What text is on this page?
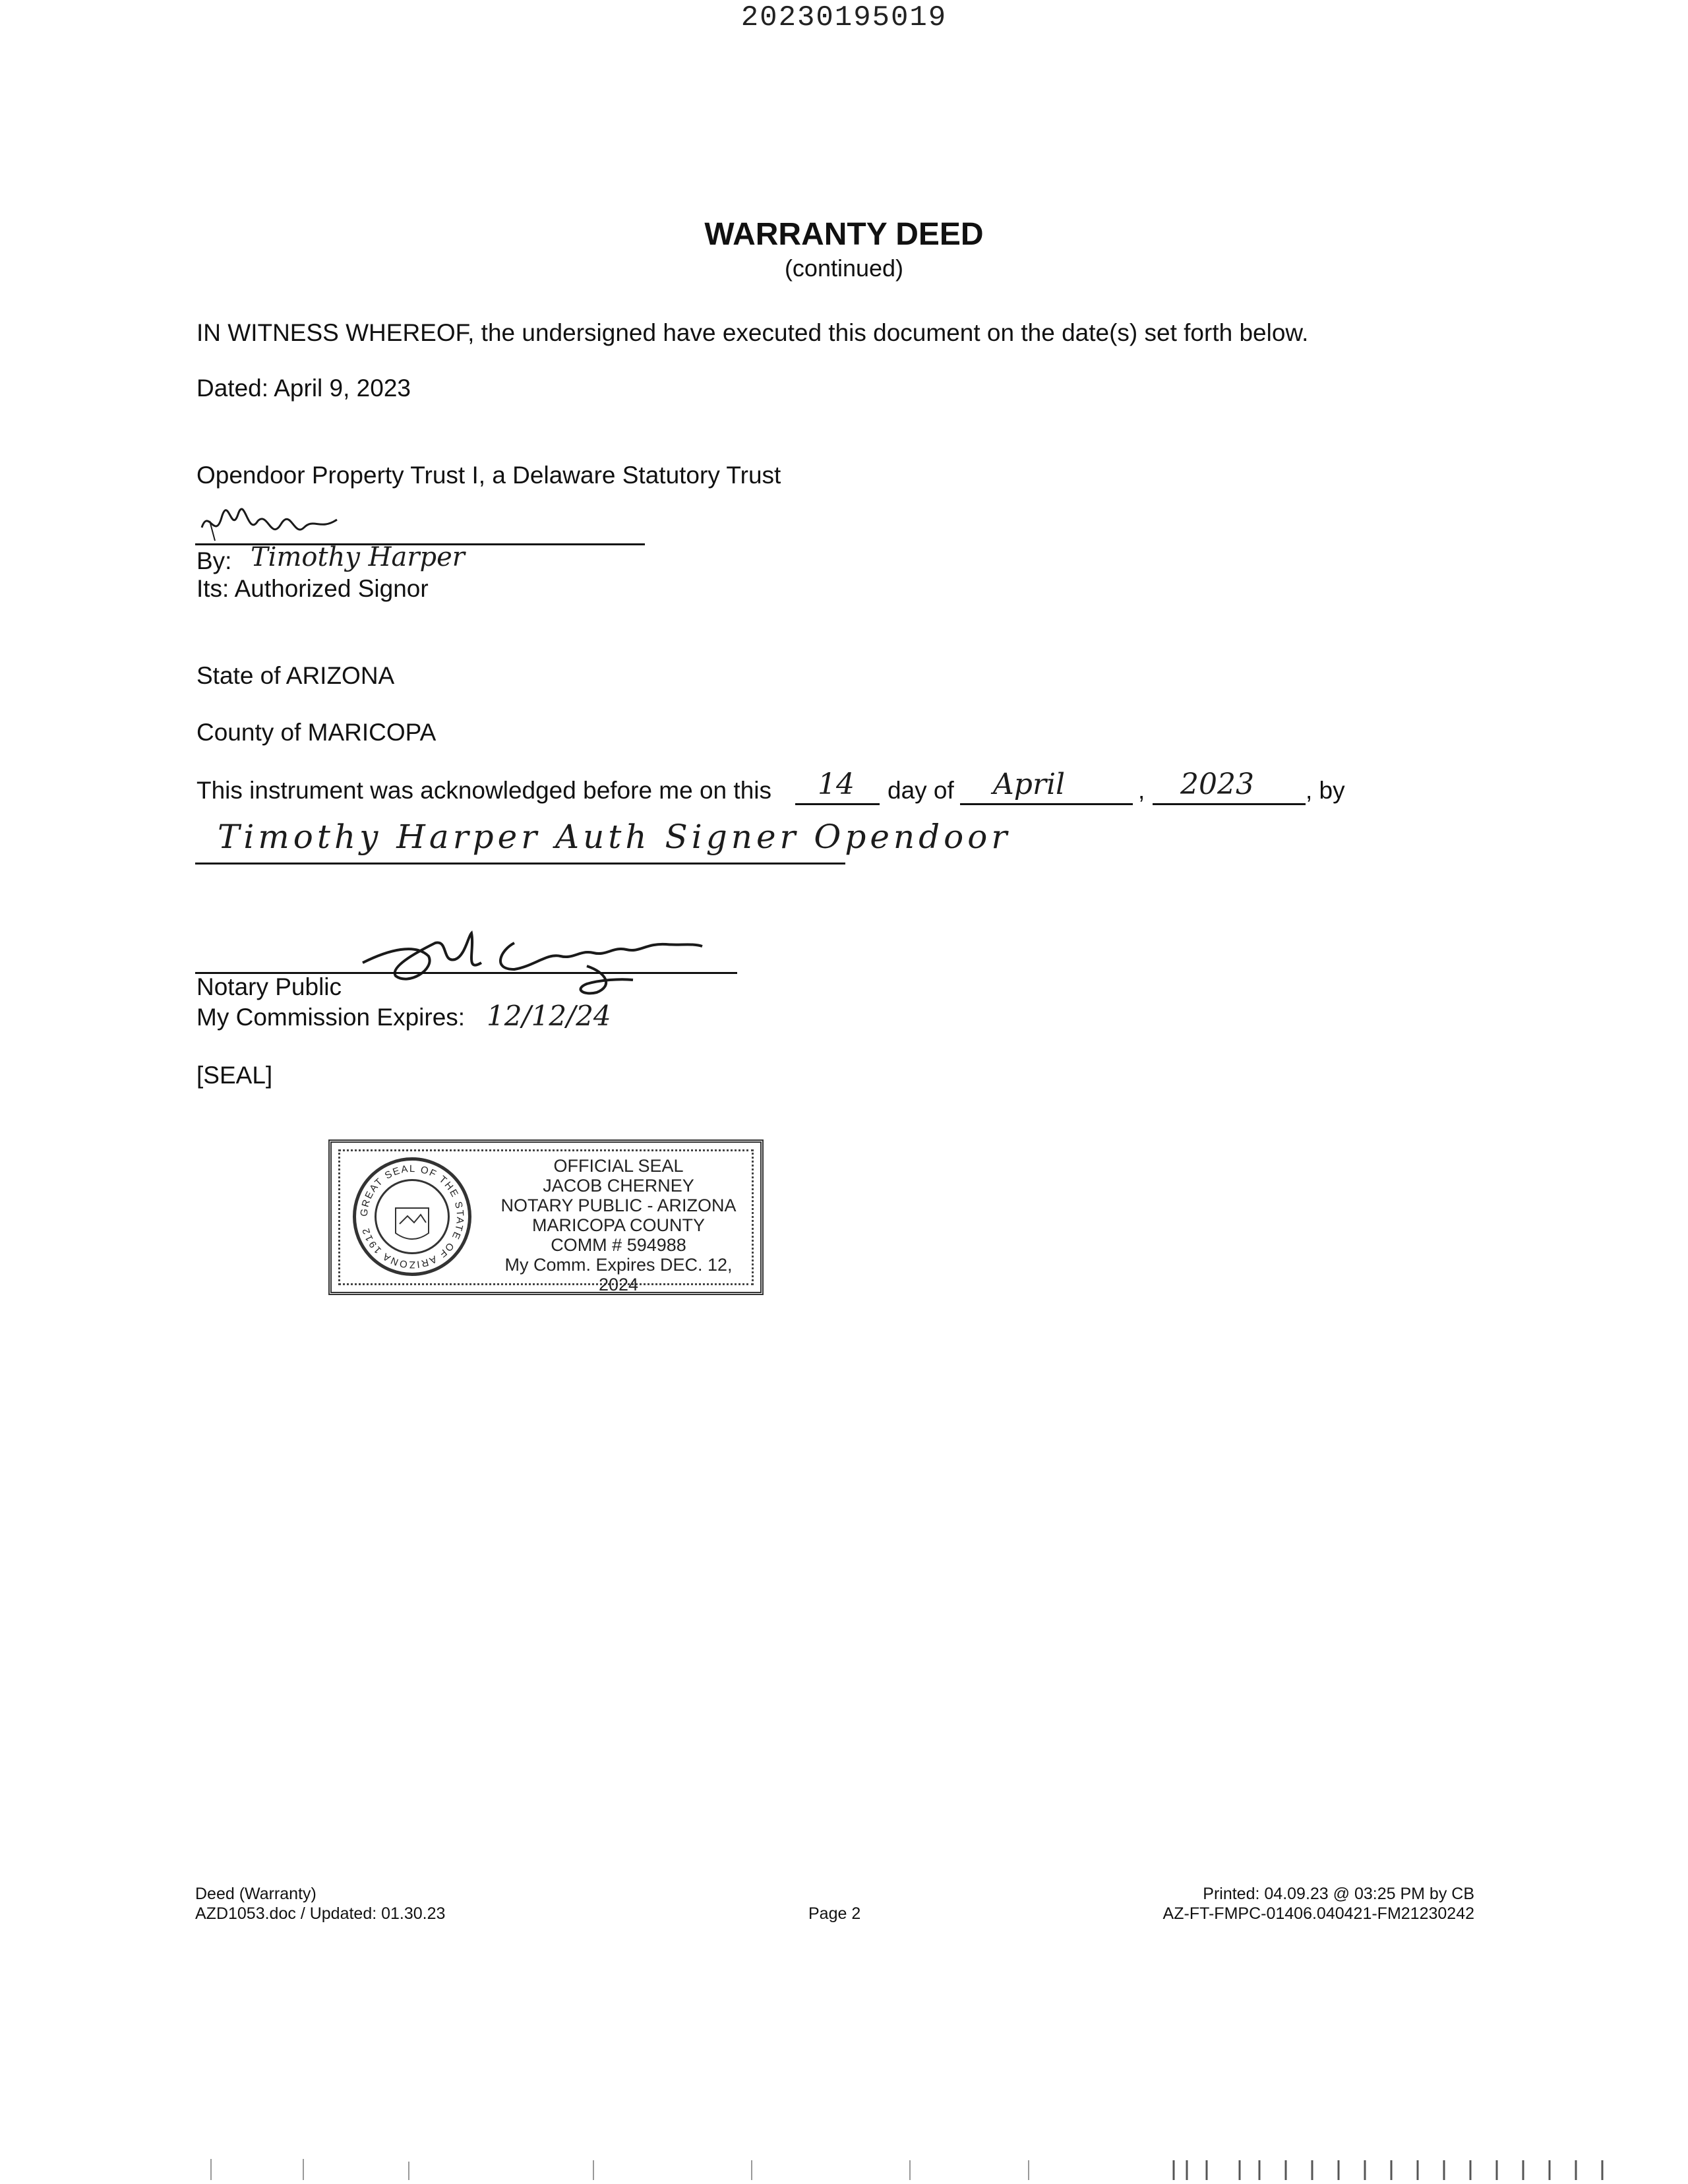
20230195019
WARRANTY DEED
(continued)
IN WITNESS WHEREOF, the undersigned have executed this document on the date(s) set forth below.
Dated: April 9, 2023
Opendoor Property Trust I, a Delaware Statutory Trust
By: Timothy Harper
Its: Authorized Signor
State of ARIZONA
County of MARICOPA
This instrument was acknowledged before me on this 14 day of April	, 2023 , by
Timothy Harper Auth Signer Opendoor
Notary Public
My Commission Expires: 12/12/24
[SEAL]
GREAT SEAL OF THE STATE OF ARIZONA 1912
OFFICIAL SEAL
JACOB CHERNEY
NOTARY PUBLIC - ARIZONA
MARICOPA COUNTY
COMM # 594988
My Comm. Expires DEC. 12, 2024
Deed (Warranty)
AZD1053.doc / Updated: 01.30.23	Page 2
Printed: 04.09.23 @ 03:25 PM by CB
AZ-FT-FMPC-01406.040421-FM21230242
